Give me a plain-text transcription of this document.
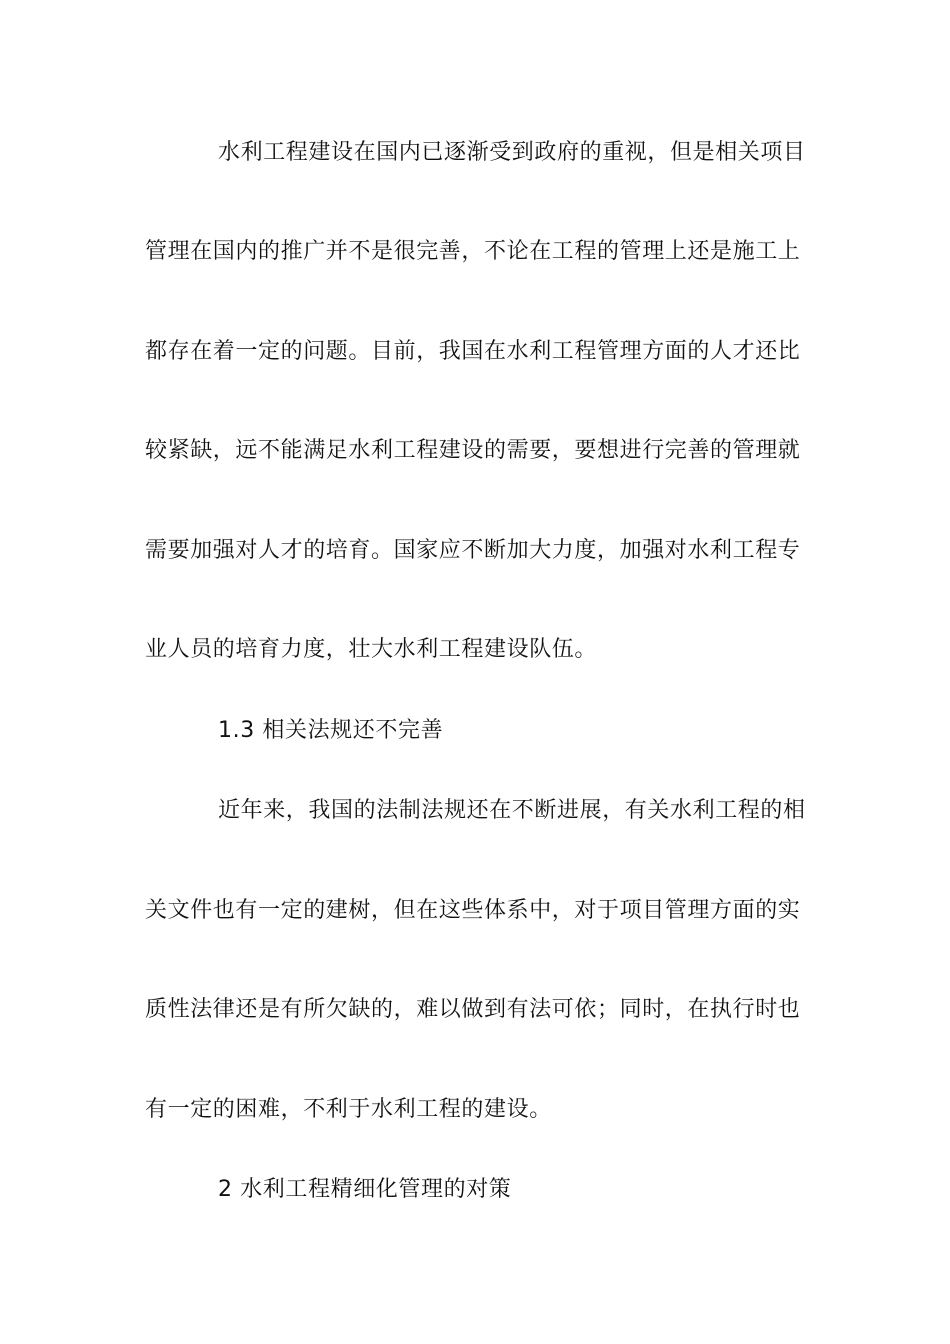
水利工程建设在国内已逐渐受到政府的重视，但是相关项目
管理在国内的推广并不是很完善，不论在工程的管理上还是施工上
都存在着一定的问题。目前，我国在水利工程管理方面的人才还比
较紧缺，远不能满足水利工程建设的需要，要想进行完善的管理就
需要加强对人才的培育。国家应不断加大力度，加强对水利工程专
业人员的培育力度，壮大水利工程建设队伍。
1.3 相关法规还不完善
近年来，我国的法制法规还在不断进展，有关水利工程的相
关文件也有一定的建树，但在这些体系中，对于项目管理方面的实
质性法律还是有所欠缺的，难以做到有法可依；同时，在执行时也
有一定的困难，不利于水利工程的建设。
2 水利工程精细化管理的对策
